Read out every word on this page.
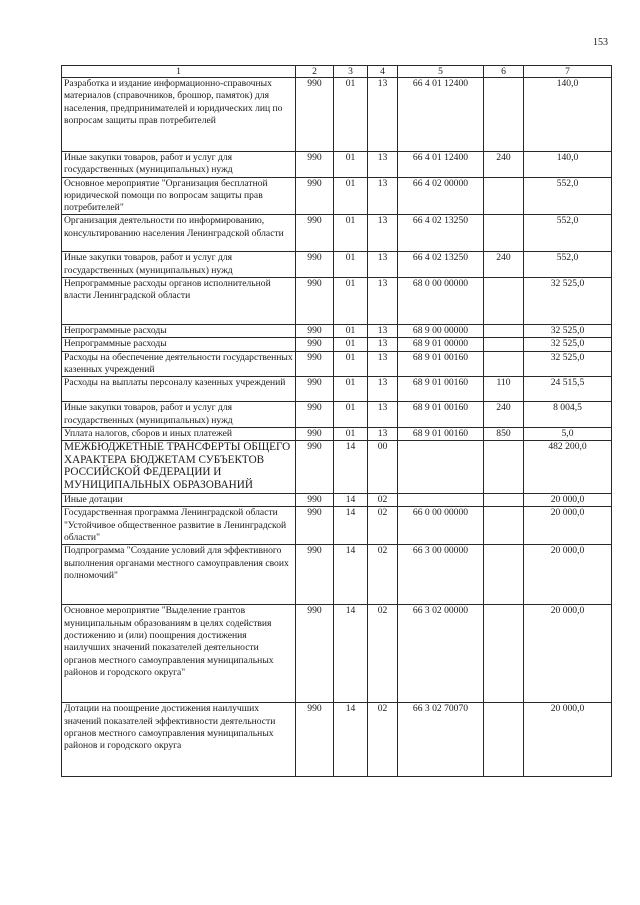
153
1	2	3	4	5	6	7
Разработка и издание информационно-справочных материалов (справочников, брошюр, памяток) для населения, предпринимателей и юридических лиц по вопросам защиты прав потребителей	990	01	13	66 4 01 12400		140,0
Иные закупки товаров, работ и услуг для государственных (муниципальных) нужд	990	01	13	66 4 01 12400	240	140,0
Основное мероприятие "Организация бесплатной юридической помощи по вопросам защиты прав потребителей"	990	01	13	66 4 02 00000		552,0
Организация деятельности по информированию, консультированию населения Ленинградской области	990	01	13	66 4 02 13250		552,0
Иные закупки товаров, работ и услуг для государственных (муниципальных) нужд	990	01	13	66 4 02 13250	240	552,0
Непрограммные расходы органов исполнительной власти Ленинградской области	990	01	13	68 0 00 00000		32 525,0
Непрограммные расходы	990	01	13	68 9 00 00000		32 525,0
Непрограммные расходы	990	01	13	68 9 01 00000		32 525,0
Расходы на обеспечение деятельности государственных казенных учреждений	990	01	13	68 9 01 00160		32 525,0
Расходы на выплаты персоналу казенных учреждений	990	01	13	68 9 01 00160	110	24 515,5
Иные закупки товаров, работ и услуг для государственных (муниципальных) нужд	990	01	13	68 9 01 00160	240	8 004,5
Уплата налогов, сборов и иных платежей	990	01	13	68 9 01 00160	850	5,0
МЕЖБЮДЖЕТНЫЕ ТРАНСФЕРТЫ ОБЩЕГО ХАРАКТЕРА БЮДЖЕТАМ СУБЪЕКТОВ РОССИЙСКОЙ ФЕДЕРАЦИИ И МУНИЦИПАЛЬНЫХ ОБРАЗОВАНИЙ	990	14	00			482 200,0
Иные дотации	990	14	02			20 000,0
Государственная программа Ленинградской области "Устойчивое общественное развитие в Ленинградской области"	990	14	02	66 0 00 00000		20 000,0
Подпрограмма "Создание условий для эффективного выполнения органами местного самоуправления своих полномочий"	990	14	02	66 3 00 00000		20 000,0
Основное мероприятие "Выделение грантов муниципальным образованиям в целях содействия достижению и (или) поощрения достижения наилучших значений показателей деятельности органов местного самоуправления муниципальных районов и городского округа"	990	14	02	66 3 02 00000		20 000,0
Дотации на поощрение достижения наилучших значений показателей эффективности деятельности органов местного самоуправления муниципальных районов и городского округа	990	14	02	66 3 02 70070		20 000,0
